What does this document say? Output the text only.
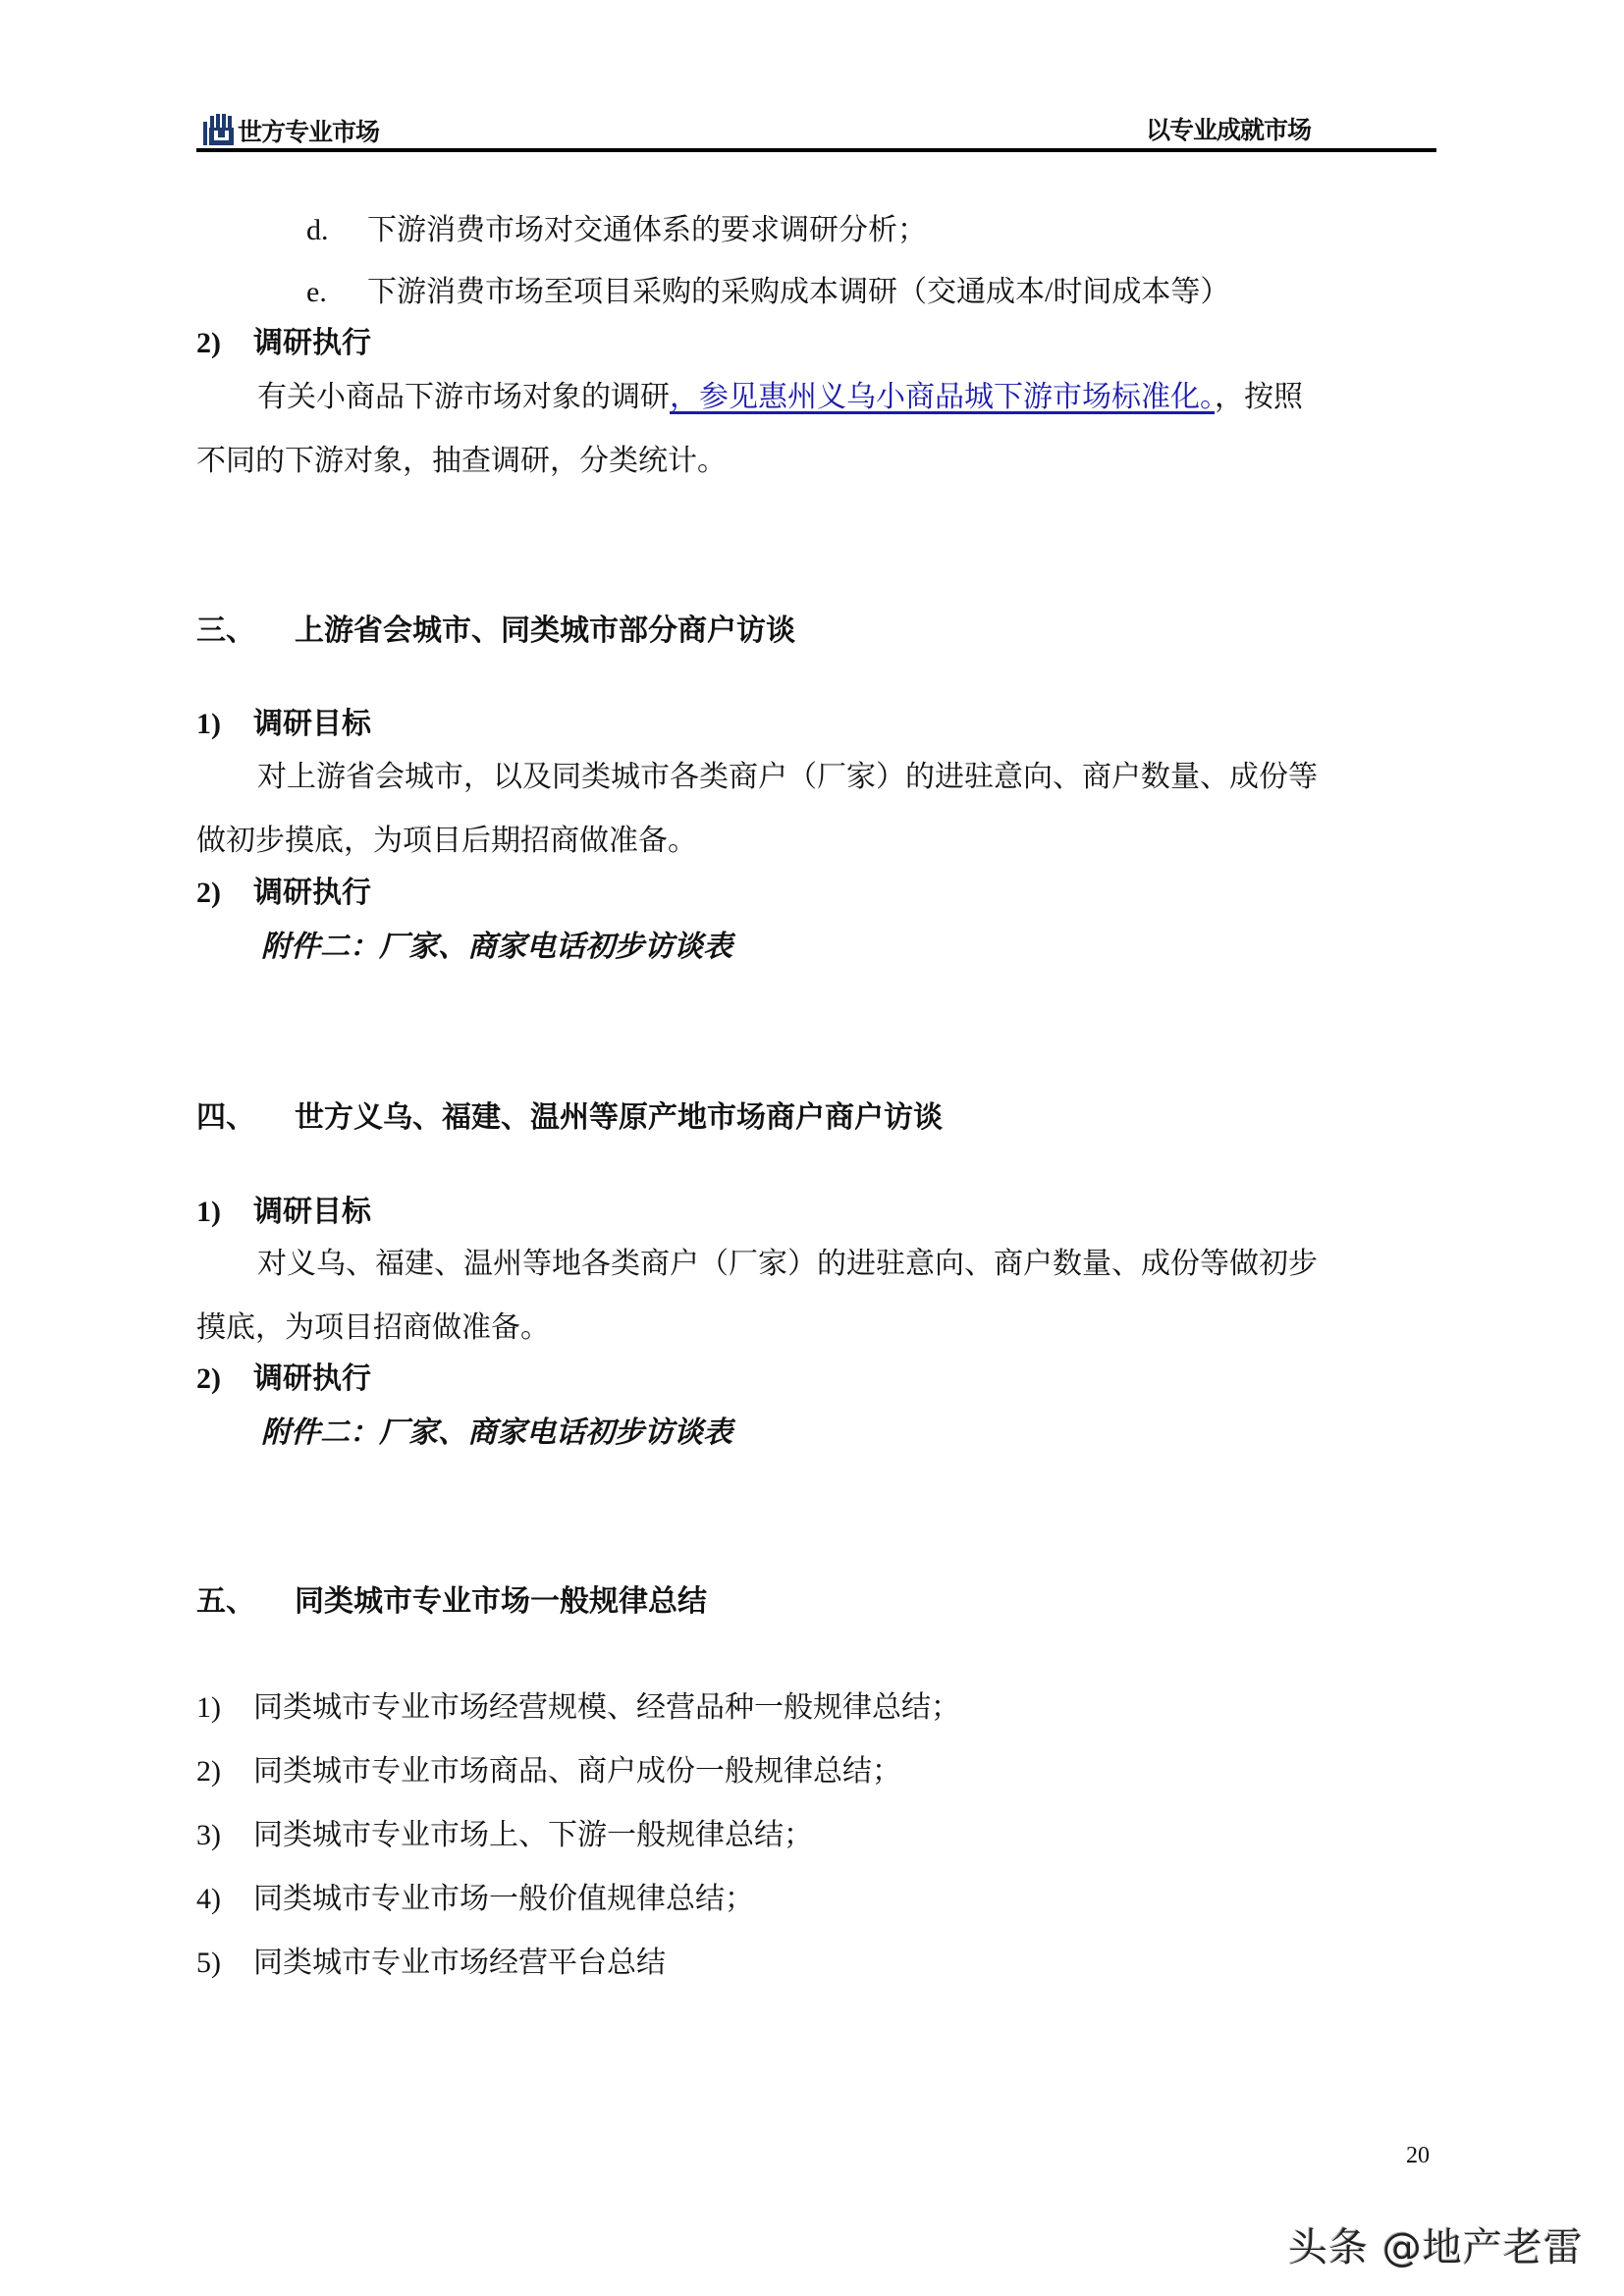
世方专业市场	以专业成就市场
d. 下游消费市场对交通体系的要求调研分析；
e. 下游消费市场至项目采购的采购成本调研（交通成本/时间成本等）
2) 调研执行
有关小商品下游市场对象的调研，参见惠州义乌小商品城下游市场标准化。，按照
不同的下游对象，抽查调研，分类统计。
三、 上游省会城市、同类城市部分商户访谈
1) 调研目标
对上游省会城市，以及同类城市各类商户（厂家）的进驻意向、商户数量、成份等
做初步摸底，为项目后期招商做准备。
2) 调研执行
附件二：厂家、商家电话初步访谈表
四、 世方义乌、福建、温州等原产地市场商户商户访谈
1) 调研目标
对义乌、福建、温州等地各类商户（厂家）的进驻意向、商户数量、成份等做初步
摸底，为项目招商做准备。
2) 调研执行
附件二：厂家、商家电话初步访谈表
五、 同类城市专业市场一般规律总结
1) 同类城市专业市场经营规模、经营品种一般规律总结；
2) 同类城市专业市场商品、商户成份一般规律总结；
3) 同类城市专业市场上、下游一般规律总结；
4) 同类城市专业市场一般价值规律总结；
5) 同类城市专业市场经营平台总结
20
头条 @地产老雷
